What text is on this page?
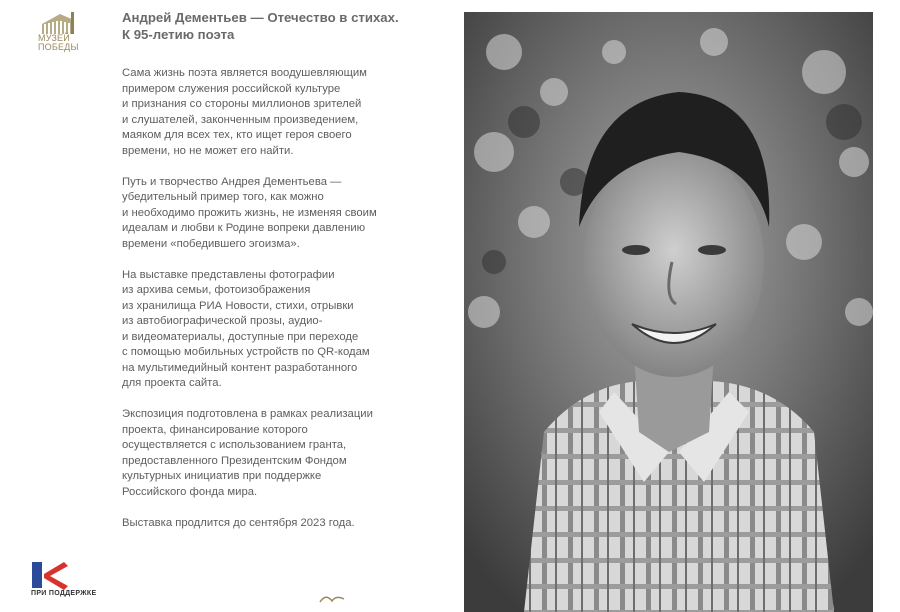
МУЗЕЙ
ПОБЕДЫ
Андрей Дементьев — Отечество в стихах.
К 95-летию поэта

Сама жизнь поэта является воодушевляющим
примером служения российской культуре
и признания со стороны миллионов зрителей
и слушателей, законченным произведением,
маяком для всех тех, кто ищет героя своего
времени, но не может его найти.

Путь и творчество Андрея Дементьева —
убедительный пример того, как можно
и необходимо прожить жизнь, не изменяя своим
идеалам и любви к Родине вопреки давлению
времени «победившего эгоизма».

На выставке представлены фотографии
из архива семьи, фотоизображения
из хранилища РИА Новости, стихи, отрывки
из автобиографической прозы, аудио-
и видеоматериалы, доступные при переходе
с помощью мобильных устройств по QR-кодам
на мультимедийный контент разработанного
для проекта сайта.

Экспозиция подготовлена в рамках реализации
проекта, финансирование которого
осуществляется с использованием гранта,
предоставленного Президентским Фондом
культурных инициатив при поддержке
Российского фонда мира.

Выставка продлится до сентября 2023 года.

ПРИ ПОДДЕРЖКЕ
